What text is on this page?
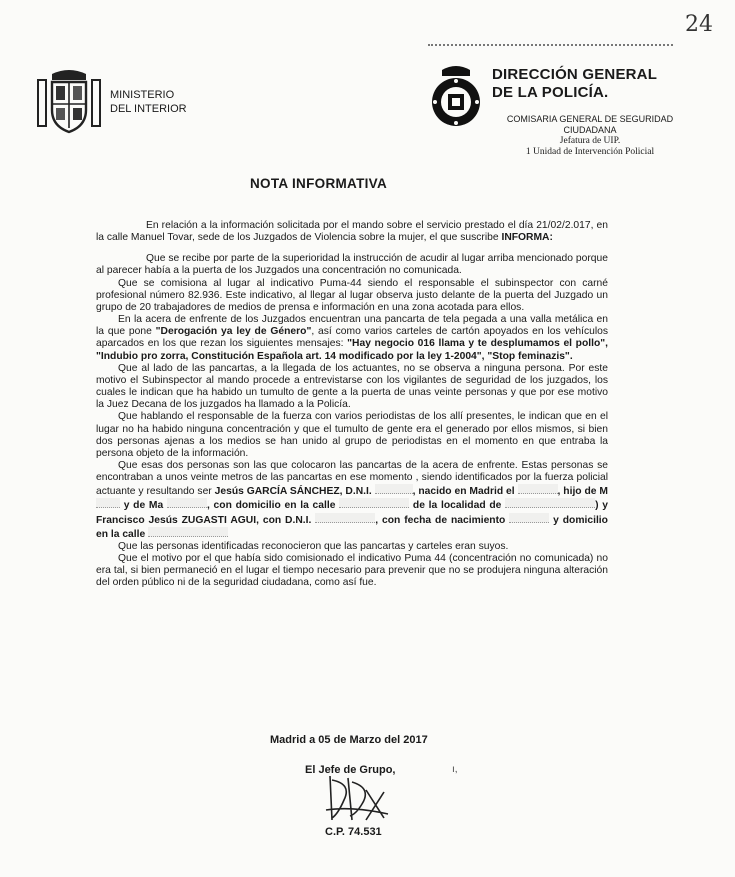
24
MINISTERIO
DEL INTERIOR
DIRECCIÓN GENERAL
DE LA POLICÍA.
COMISARIA GENERAL DE SEGURIDAD
CIUDADANA
Jefatura de UIP.
1 Unidad de Intervención Policial
NOTA INFORMATIVA

En relación a la información solicitada por el mando sobre el servicio prestado el día 21/02/2.017, en la calle Manuel Tovar, sede de los Juzgados de Violencia sobre la mujer, el que suscribe INFORMA:

Que se recibe por parte de la superioridad la instrucción de acudir al lugar arriba mencionado porque al parecer había a la puerta de los Juzgados una concentración no comunicada.

Que se comisiona al lugar al indicativo Puma-44 siendo el responsable el subinspector con carné profesional número 82.936. Este indicativo, al llegar al lugar observa justo delante de la puerta del Juzgado un grupo de 20 trabajadores de medios de prensa e información en una zona acotada para ellos.

En la acera de enfrente de los Juzgados encuentran una pancarta de tela pegada a una valla metálica en la que pone "Derogación ya ley de Género", así como varios carteles de cartón apoyados en los vehículos aparcados en los que rezan los siguientes mensajes: "Hay negocio 016 llama y te desplumamos el pollo", "Indubio pro zorra, Constitución Española art. 14 modificado por la ley 1-2004", "Stop feminazis".

Que al lado de las pancartas, a la llegada de los actuantes, no se observa a ninguna persona. Por este motivo el Subinspector al mando procede a entrevistarse con los vigilantes de seguridad de los juzgados, los cuales le indican que ha habido un tumulto de gente a la puerta de unas veinte personas y que por ese motivo la Juez Decana de los juzgados ha llamado a la Policía.

Que hablando el responsable de la fuerza con varios periodistas de los allí presentes, le indican que en el lugar no ha habido ninguna concentración y que el tumulto de gente era el generado por ellos mismos, si bien dos personas ajenas a los medios se han unido al grupo de periodistas en el momento en que entraba la persona objeto de la información.

Que esas dos personas son las que colocaron las pancartas de la acera de enfrente. Estas personas se encontraban a unos veinte metros de las pancartas en ese momento , siendo identificados por la fuerza policial actuante y resultando ser Jesús GARCÍA SÁNCHEZ, D.N.I.	, nacido en Madrid el	, hijo de M  y de Ma	, con domicilio en la calle	de la localidad de	) y Francisco Jesús ZUGASTI AGUI, con D.N.I.	, con fecha de nacimiento	y domicilio en la calle

Que las personas identificadas reconocieron que las pancartas y carteles eran suyos.

Que el motivo por el que había sido comisionado el indicativo Puma 44 (concentración no comunicada) no era tal, si bien permaneció en el lugar el tiempo necesario para prevenir que no se produjera ninguna alteración del orden público ni de la seguridad ciudadana, como así fue.

Madrid a 05 de Marzo del 2017
El Jefe de Grupo,	ı,
C.P. 74.531
